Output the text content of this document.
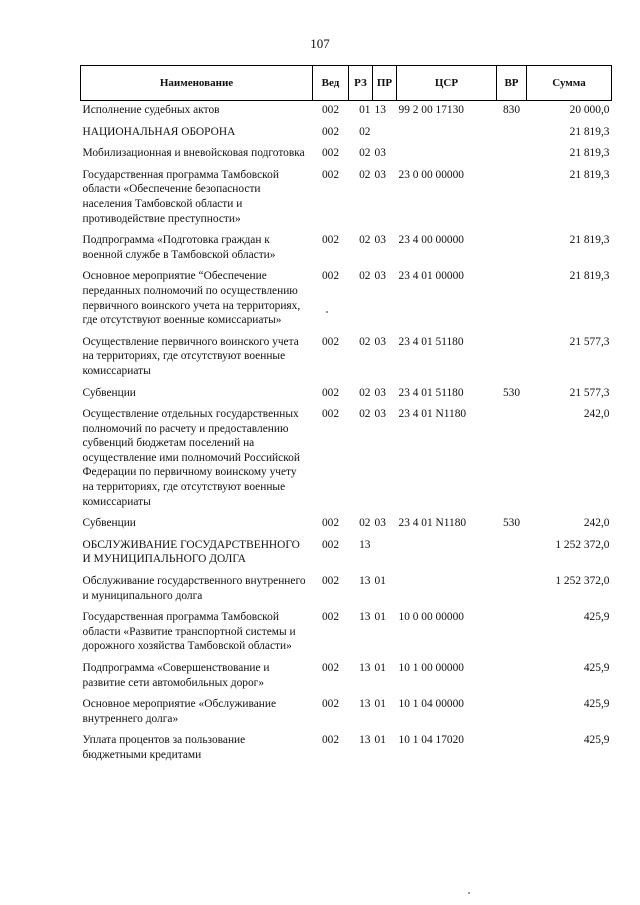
107
Наименование	Вед	РЗ	ПР	ЦСР	ВР	Сумма
Исполнение судебных актов	002	01	13	99 2 00 17130	830	20 000,0
НАЦИОНАЛЬНАЯ ОБОРОНА	002	02				21 819,3
Мобилизационная и вневойсковая подготовка	002	02	03			21 819,3
Государственная программа Тамбовской области «Обеспечение безопасности населения Тамбовской области и противодействие преступности»	002	02	03	23 0 00 00000		21 819,3
Подпрограмма «Подготовка граждан к военной службе в Тамбовской области»	002	02	03	23 4 00 00000		21 819,3
Основное мероприятие “Обеспечение переданных полномочий по осуществлению первичного воинского учета на территориях, где отсутствуют военные комиссариаты»	002	02	03	23 4 01 00000		21 819,3
Осуществление первичного воинского учета на территориях, где отсутствуют военные комиссариаты	002	02	03	23 4 01 51180		21 577,3
Субвенции	002	02	03	23 4 01 51180	530	21 577,3
Осуществление отдельных государственных полномочий по расчету и предоставлению субвенций бюджетам поселений на осуществление ими полномочий Российской Федерации по первичному воинскому учету на территориях, где отсутствуют военные комиссариаты	002	02	03	23 4 01 N1180		242,0
Субвенции	002	02	03	23 4 01 N1180	530	242,0
ОБСЛУЖИВАНИЕ ГОСУДАРСТВЕННОГО И МУНИЦИПАЛЬНОГО ДОЛГА	002	13				1 252 372,0
Обслуживание государственного внутреннего и муниципального долга	002	13	01			1 252 372,0
Государственная программа Тамбовской области «Развитие транспортной системы и дорожного хозяйства Тамбовской области»	002	13	01	10 0 00 00000		425,9
Подпрограмма «Совершенствование и развитие сети автомобильных дорог»	002	13	01	10 1 00 00000		425,9
Основное мероприятие «Обслуживание внутреннего долга»	002	13	01	10 1 04 00000		425,9
Уплата процентов за пользование бюджетными кредитами	002	13	01	10 1 04 17020		425,9
